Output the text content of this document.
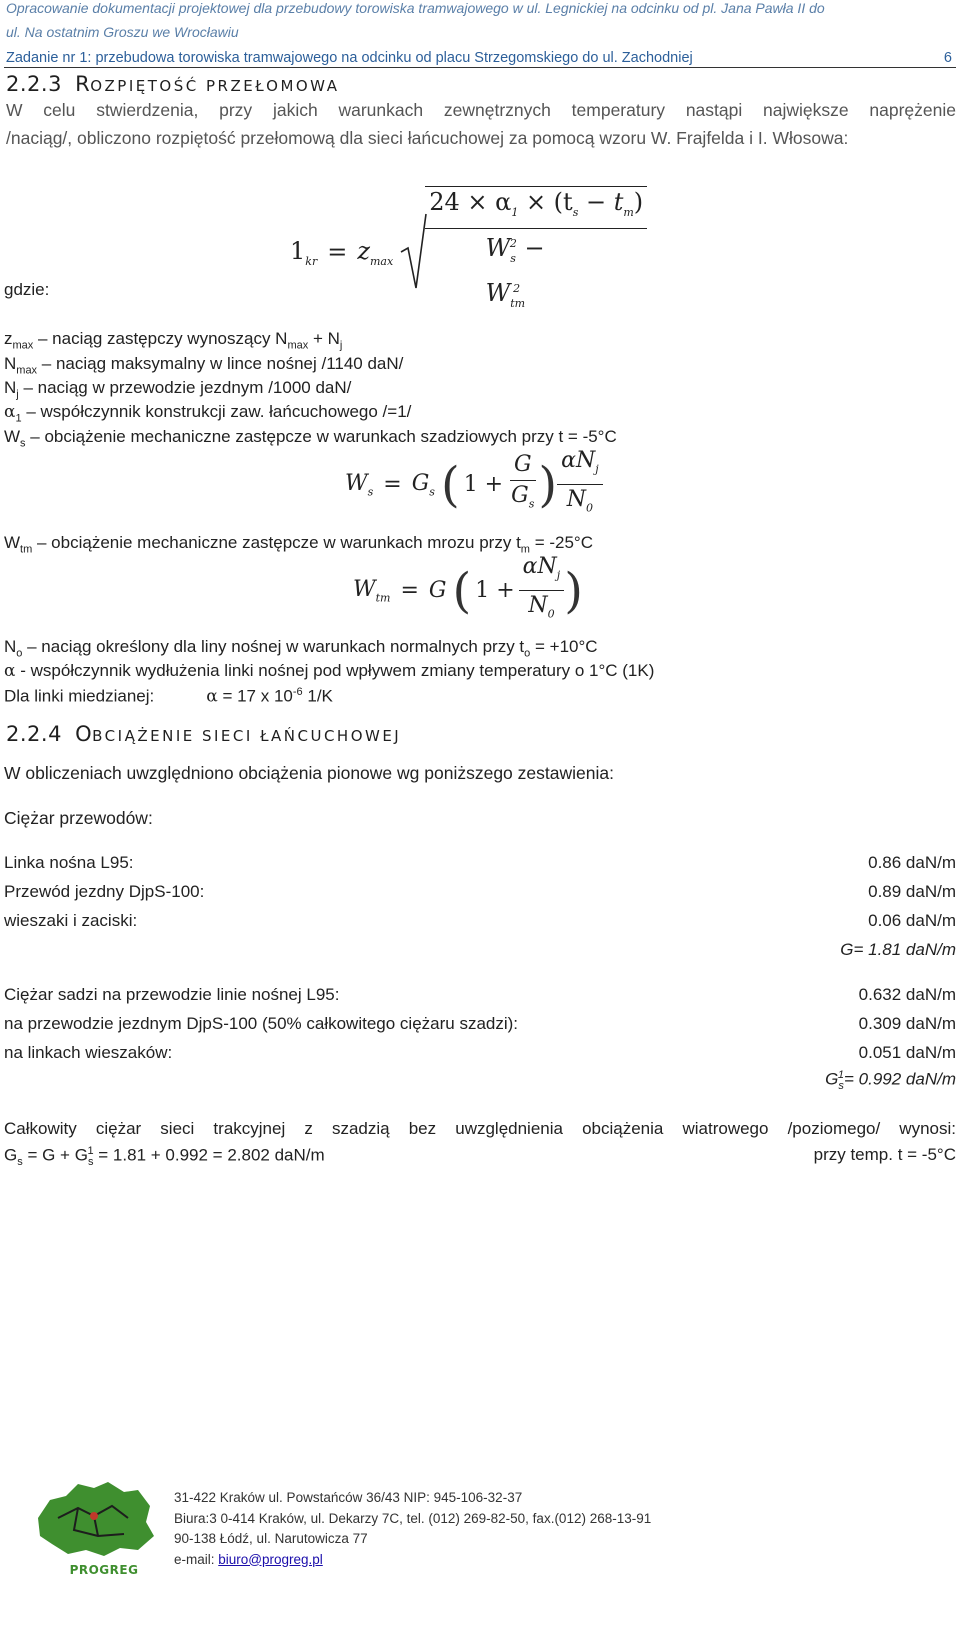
Opracowanie dokumentacji projektowej dla przebudowy torowiska tramwajowego w ul. Legnickiej na odcinku od pl. Jana Pawła II do
ul. Na ostatnim Groszu we Wrocławiu
Zadanie nr 1: przebudowa torowiska tramwajowego na odcinku od placu Strzegomskiego do ul. Zachodniej	6
2.2.3 ROZPIĘTOŚĆ PRZEŁOMOWA
W celu stwierdzenia, przy jakich warunkach zewnętrznych temperatury nastąpi największe naprężenie
/naciąg/, obliczono rozpiętość przełomową dla sieci łańcuchowej za pomocą wzoru W. Frajfelda i I. Włosowa:
$1_{kr} = z_{max} \frac{24 \times \alpha_1 \times (t_s - t_m)}{W_s^2 - W_{tm}^2}$
gdzie:
$z_{max}$ – naciąg zastępczy wynoszący $N_{max} + N_j$
$N_{max}$ – naciąg maksymalny w lince nośnej /1140 daN/
$N_j$ – naciąg w przewodzie jezdnym /1000 daN/
$\alpha_1$ – współczynnik konstrukcji zaw. łańcuchowego /=1/
$W_s$ – obciążenie mechaniczne zastępcze w warunkach szadziowych przy t = -5°C
$W_s = G_s$ ( $1 + \frac{G}{G_s}$ ) $\frac{\alpha N_j}{N_0}$
$W_{tm}$ – obciążenie mechaniczne zastępcze w warunkach mrozu przy $t_m = -25^\circ C$
$W_{tm} = G$ ( $1 + \frac{\alpha N_j}{N_0}$ )
$N_o$ – naciąg określony dla liny nośnej w warunkach normalnych przy $t_o = +10^\circ C$
α - współczynnik wydłużenia linki nośnej pod wpływem zmiany temperatury o 1°C (1K)
Dla linki miedzianej:	α = 17 x $10^{-6}$ 1/K
2.2.4 OBCIĄŻENIE SIECI ŁAŃCUCHOWEJ
W obliczeniach uwzględniono obciążenia pionowe wg poniższego zestawienia:
Ciężar przewodów:
Linka nośna L95:	0.86 daN/m
Przewód jezdny DjpS-100:	0.89 daN/m
wieszaki i zaciski:	0.06 daN/m
G= 1.81 daN/m
Ciężar sadzi na przewodzie linie nośnej L95:	0.632 daN/m
na przewodzie jezdnym DjpS-100 (50% całkowitego ciężaru szadzi):	0.309 daN/m
na linkach wieszaków:	0.051 daN/m
$G_s^1= 0.992$ daN/m
Całkowity ciężar sieci trakcyjnej z szadzią bez uwzględnienia obciążenia wiatrowego /poziomego/ wynosi:
$G_s = G + G_s^1 = 1.81 + 0.992 = 2.802$ daN/m	przy temp. t = -5°C
PROGREG
31-422 Kraków ul. Powstańców 36/43 NIP: 945-106-32-37
Biura:3 0-414 Kraków, ul. Dekarzy 7C, tel. (012) 269-82-50, fax.(012) 268-13-91
90-138 Łódź, ul. Narutowicza 77
e-mail: biuro@progreg.pl
